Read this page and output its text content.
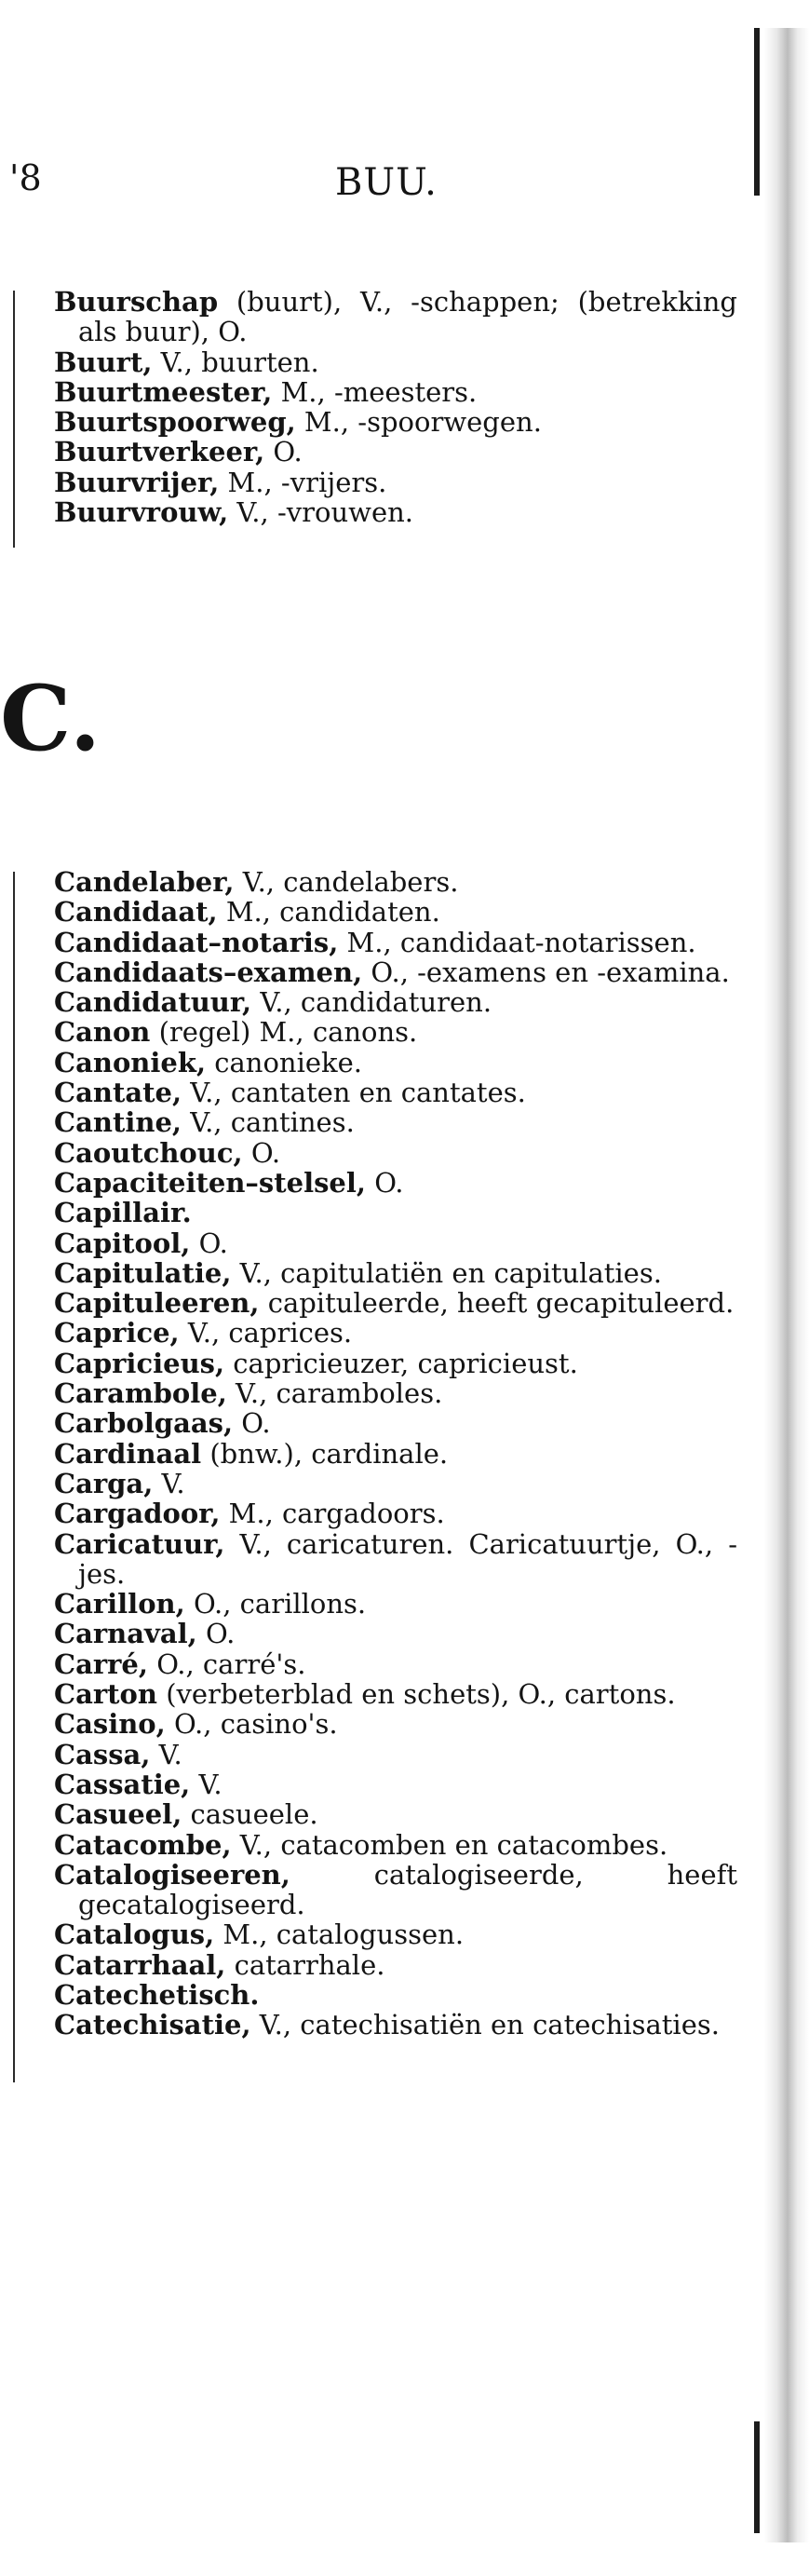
'8	BUU.
Buurschap (buurt), V., -schappen; (betrekking als buur), O.
Buurt, V., buurten.
Buurtmeester, M., -meesters.
Buurtspoorweg, M., -spoorwegen.
Buurtverkeer, O.
Buurvrijer, M., -vrijers.
Buurvrouw, V., -vrouwen.
C.
Candelaber, V., candelabers.
Candidaat, M., candidaten.
Candidaat–notaris, M., candidaat-notarissen.
Candidaats–examen, O., -examens en -examina.
Candidatuur, V., candidaturen.
Canon (regel) M., canons.
Canoniek, canonieke.
Cantate, V., cantaten en cantates.
Cantine, V., cantines.
Caoutchouc, O.
Capaciteiten–stelsel, O.
Capillair.
Capitool, O.
Capitulatie, V., capitulatiën en capitulaties.
Capituleeren, capituleerde, heeft gecapituleerd.
Caprice, V., caprices.
Capricieus, capricieuzer, capricieust.
Carambole, V., caramboles.
Carbolgaas, O.
Cardinaal (bnw.), cardinale.
Carga, V.
Cargadoor, M., cargadoors.
Caricatuur, V., caricaturen. Caricatuurtje, O., -jes.
Carillon, O., carillons.
Carnaval, O.
Carré, O., carré's.
Carton (verbeterblad en schets), O., cartons.
Casino, O., casino's.
Cassa, V.
Cassatie, V.
Casueel, casueele.
Catacombe, V., catacomben en catacombes.
Catalogiseeren, catalogiseerde, heeft gecatalogiseerd.
Catalogus, M., catalogussen.
Catarrhaal, catarrhale.
Catechetisch.
Catechisatie, V., catechisatiën en catechisaties.
